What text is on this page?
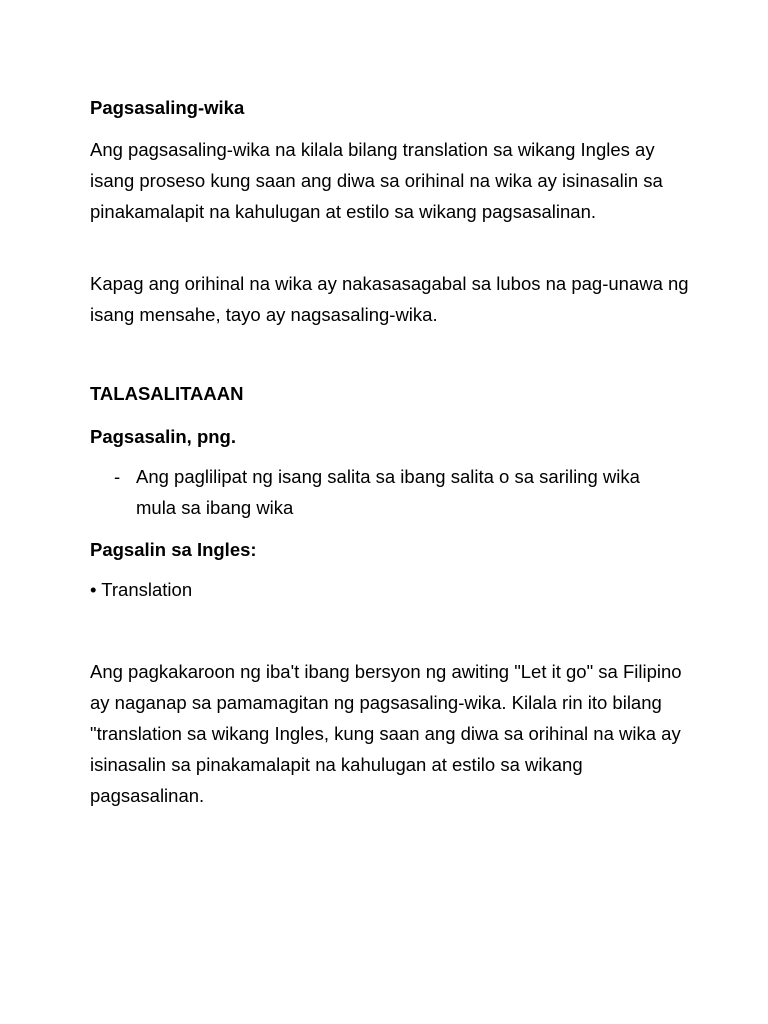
Pagsasaling-wika
Ang pagsasaling-wika na kilala bilang translation sa wikang Ingles ay isang proseso kung saan ang diwa sa orihinal na wika ay isinasalin sa pinakamalapit na kahulugan at estilo sa wikang pagsasalinan.
Kapag ang orihinal na wika ay nakasasagabal sa lubos na pag-unawa ng isang mensahe, tayo ay nagsasaling-wika.
TALASALITAAAN
Pagsasalin, png.
- Ang paglilipat ng isang salita sa ibang salita o sa sariling wika mula sa ibang wika
Pagsalin sa Ingles:
• Translation
Ang pagkakaroon ng iba't ibang bersyon ng awiting "Let it go" sa Filipino ay naganap sa pamamagitan ng pagsasaling-wika. Kilala rin ito bilang "translation sa wikang Ingles, kung saan ang diwa sa orihinal na wika ay isinasalin sa pinakamalapit na kahulugan at estilo sa wikang pagsasalinan.
